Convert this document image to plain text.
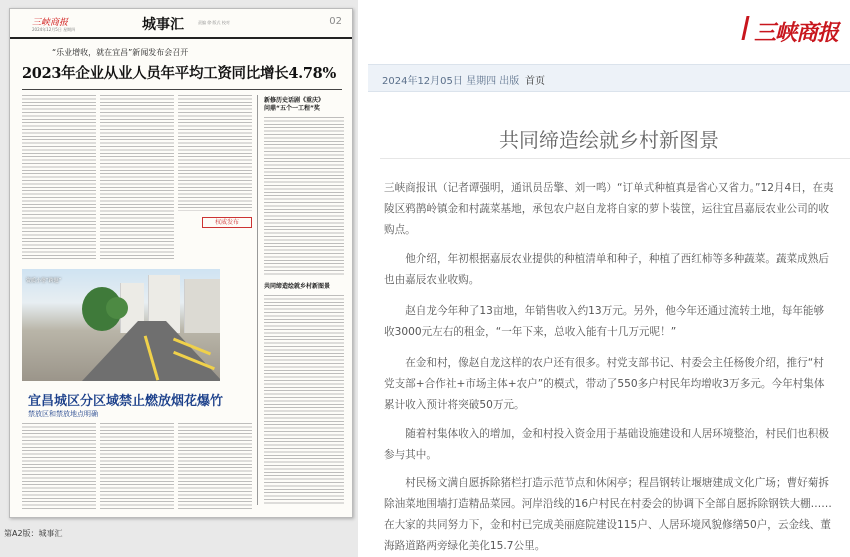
三峡商报
2024年12月5日 星期四	城事汇	责编 徐·版式 校对	02
“乐业增收，就在宜昌”新闻发布会召开
2023年企业从业人员年平均工资同比增长4.78%
权威发布
新修历史话剧《重庆》
问鼎“五个一工程”奖
共同缔造绘就乡村新图景
资质小堡“跨题”
宜昌城区分区域禁止燃放烟花爆竹
禁放区和禁放地点明确
第A2版：城事汇
三峡商报
2024年12月05日 星期四 出版 首页
共同缔造绘就乡村新图景
三峡商报讯（记者谭强明，通讯员岳擎、刘一鸣）“订单式种植真是省心又省力。”12月4日，在夷陵区鸦鹊岭镇金和村蔬菜基地，承包农户赵自龙将自家的萝卜装筐，运往宜昌嘉辰农业公司的收购点。
他介绍，年初根据嘉辰农业提供的种植清单和种子，种植了西红柿等多种蔬菜。蔬菜成熟后也由嘉辰农业收购。
赵自龙今年种了13亩地，年销售收入约13万元。另外，他今年还通过流转土地，每年能够收3000元左右的租金，“一年下来，总收入能有十几万元呢！”
在金和村，像赵自龙这样的农户还有很多。村党支部书记、村委会主任杨俊介绍，推行“村党支部+合作社+市场主体+农户”的模式，带动了550多户村民年均增收3万多元。今年村集体累计收入预计将突破50万元。
随着村集体收入的增加，金和村投入资金用于基础设施建设和人居环境整治，村民们也积极参与其中。
村民杨文满自愿拆除猪栏打造示范节点和休闲亭；程昌钢转让堰塘建成文化广场；曹好菊拆除油菜地围墙打造精品菜园。河岸沿线的16户村民在村委会的协调下全部自愿拆除钢铁大棚……在大家的共同努力下，金和村已完成美丽庭院建设115户、人居环境风貌修缮50户，云金线、董海路道路两旁绿化美化15.7公里。
